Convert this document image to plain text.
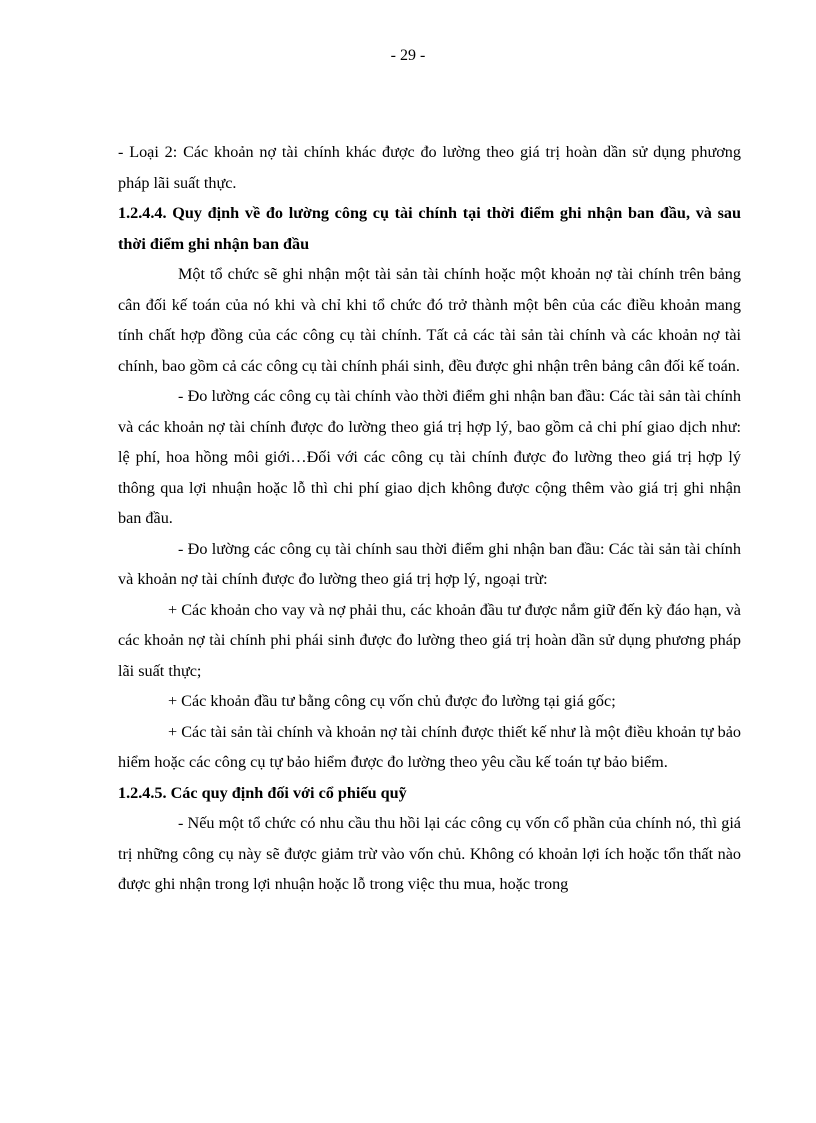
- 29 -

- Loại 2: Các khoản nợ tài chính khác được đo lường theo giá trị hoàn dần sử dụng phương pháp lãi suất thực.

1.2.4.4. Quy định về đo lường công cụ tài chính tại thời điểm ghi nhận ban đầu, và sau thời điểm ghi nhận ban đầu

Một tổ chức sẽ ghi nhận một tài sản tài chính hoặc một khoản nợ tài chính trên bảng cân đối kế toán của nó khi và chỉ khi tổ chức đó trở thành một bên của các điều khoản mang tính chất hợp đồng của các công cụ tài chính. Tất cả các tài sản tài chính và các khoản nợ tài chính, bao gồm cả các công cụ tài chính phái sinh, đều được ghi nhận trên bảng cân đối kế toán.

- Đo lường các công cụ tài chính vào thời điểm ghi nhận ban đầu: Các tài sản tài chính và các khoản nợ tài chính được đo lường theo giá trị hợp lý, bao gồm cả chi phí giao dịch như: lệ phí, hoa hồng môi giới…Đối với các công cụ tài chính được đo lường theo giá trị hợp lý thông qua lợi nhuận hoặc lỗ thì chi phí giao dịch không được cộng thêm vào giá trị ghi nhận ban đầu.

- Đo lường các công cụ tài chính sau thời điểm ghi nhận ban đầu: Các tài sản tài chính và khoản nợ tài chính được đo lường theo giá trị hợp lý, ngoại trừ:

+ Các khoản cho vay và nợ phải thu, các khoản đầu tư được nắm giữ đến kỳ đáo hạn, và các khoản nợ tài chính phi phái sinh được đo lường theo giá trị hoàn dần sử dụng phương pháp lãi suất thực;

+ Các khoản đầu tư bằng công cụ vốn chủ được đo lường tại giá gốc;

+ Các tài sản tài chính và khoản nợ tài chính được thiết kế như là một điều khoản tự bảo hiểm hoặc các công cụ tự bảo hiểm được đo lường theo yêu cầu kế toán tự bảo biểm.

1.2.4.5. Các quy định đối với cổ phiếu quỹ

- Nếu một tổ chức có nhu cầu thu hồi lại các công cụ vốn cổ phần của chính nó, thì giá trị những công cụ này sẽ được giảm trừ vào vốn chủ. Không có khoản lợi ích hoặc tổn thất nào được ghi nhận trong lợi nhuận hoặc lỗ trong việc thu mua, hoặc trong
